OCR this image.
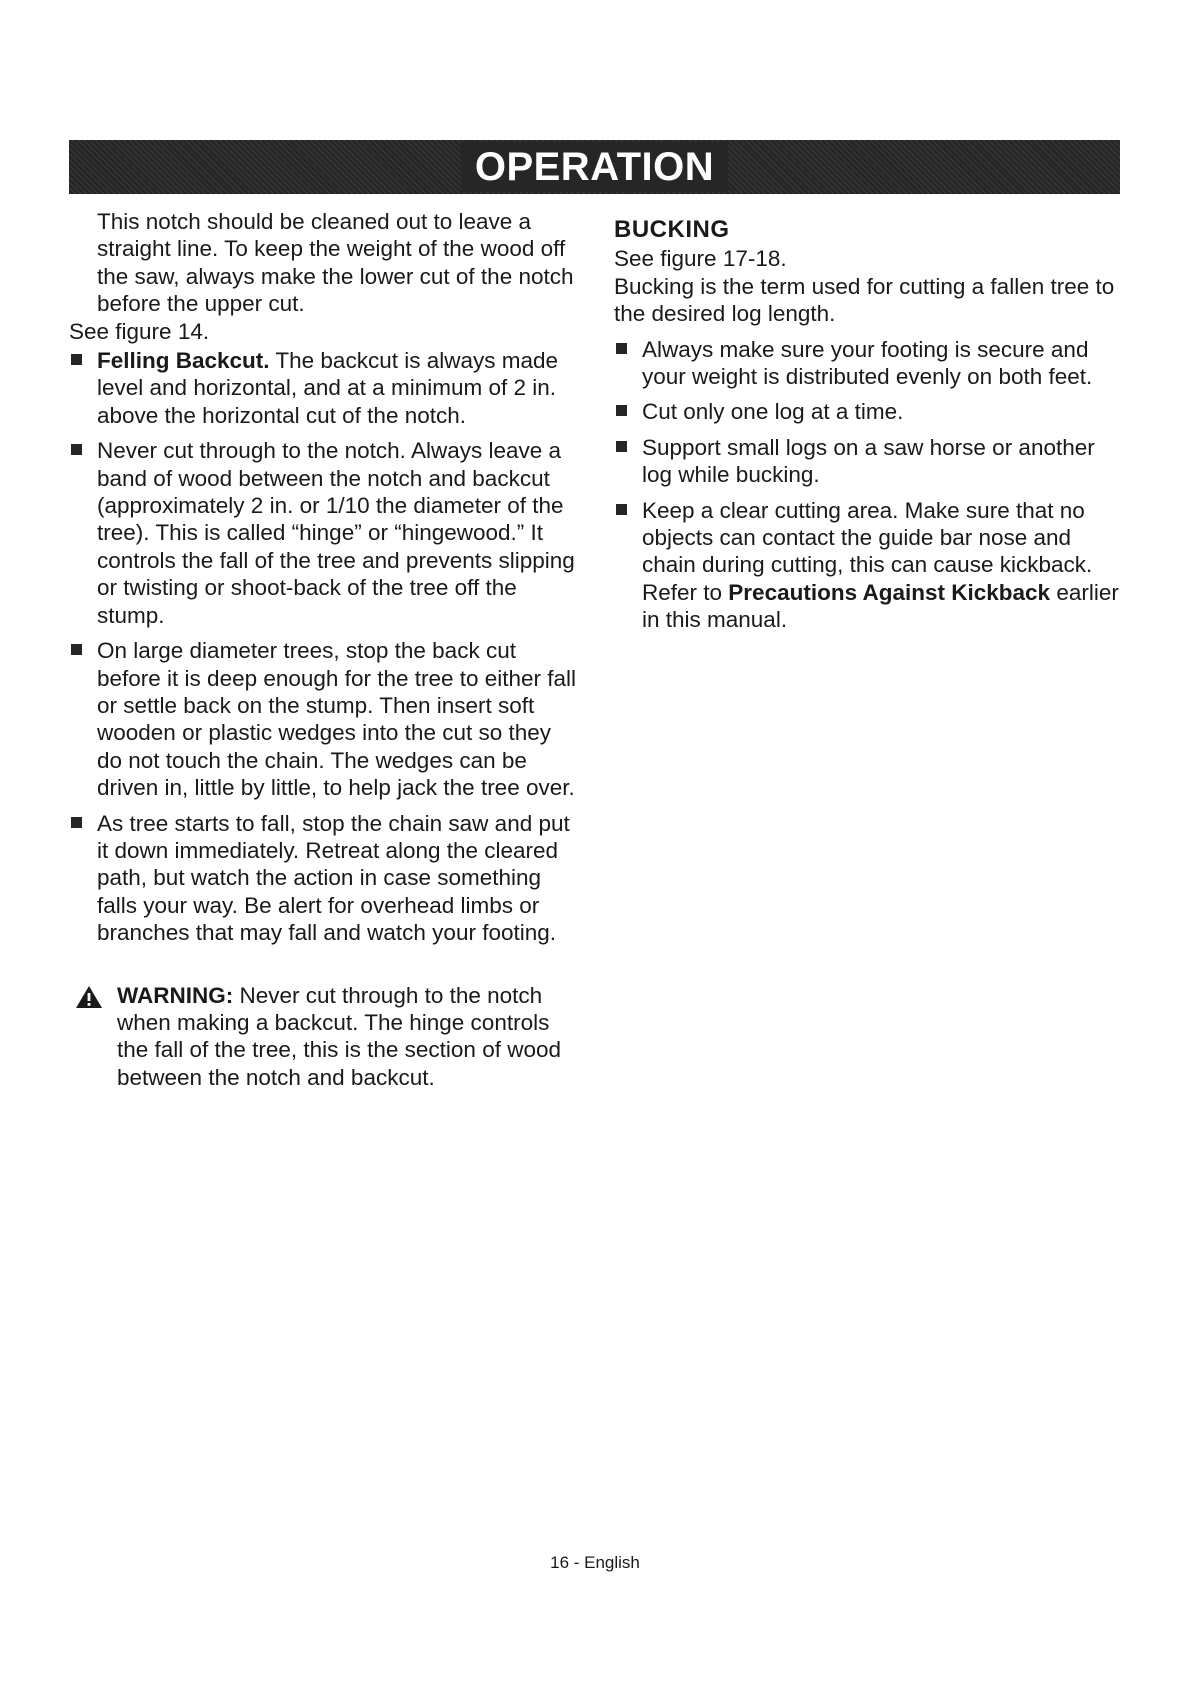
OPERATION

This notch should be cleaned out to leave a straight line. To keep the weight of the wood off the saw, always make the lower cut of the notch before the upper cut.

See figure 14.

Felling Backcut. The backcut is always made level and horizontal, and at a minimum of 2 in. above the horizontal cut of the notch.
Never cut through to the notch. Always leave a band of wood between the notch and backcut (approximately 2 in. or 1/10 the diameter of the tree). This is called “hinge” or “hingewood.” It controls the fall of the tree and prevents slipping or twisting or shoot-back of the tree off the stump.
On large diameter trees, stop the back cut before it is deep enough for the tree to either fall or settle back on the stump. Then insert soft wooden or plastic wedges into the cut so they do not touch the chain. The wedges can be driven in, little by little, to help jack the tree over.
As tree starts to fall, stop the chain saw and put it down immediately. Retreat along the cleared path, but watch the action in case something falls your way. Be alert for overhead limbs or branches that may fall and watch your footing.
WARNING: Never cut through to the notch when making a backcut. The hinge controls the fall of the tree, this is the section of wood between the notch and backcut.
BUCKING

See figure 17-18.

Bucking is the term used for cutting a fallen tree to the desired log length.

Always make sure your footing is secure and your weight is distributed evenly on both feet.
Cut only one log at a time.
Support small logs on a saw horse or another log while bucking.
Keep a clear cutting area. Make sure that no objects can contact the guide bar nose and chain during cutting, this can cause kickback. Refer to Precautions Against Kickback earlier in this manual.
16 - English
